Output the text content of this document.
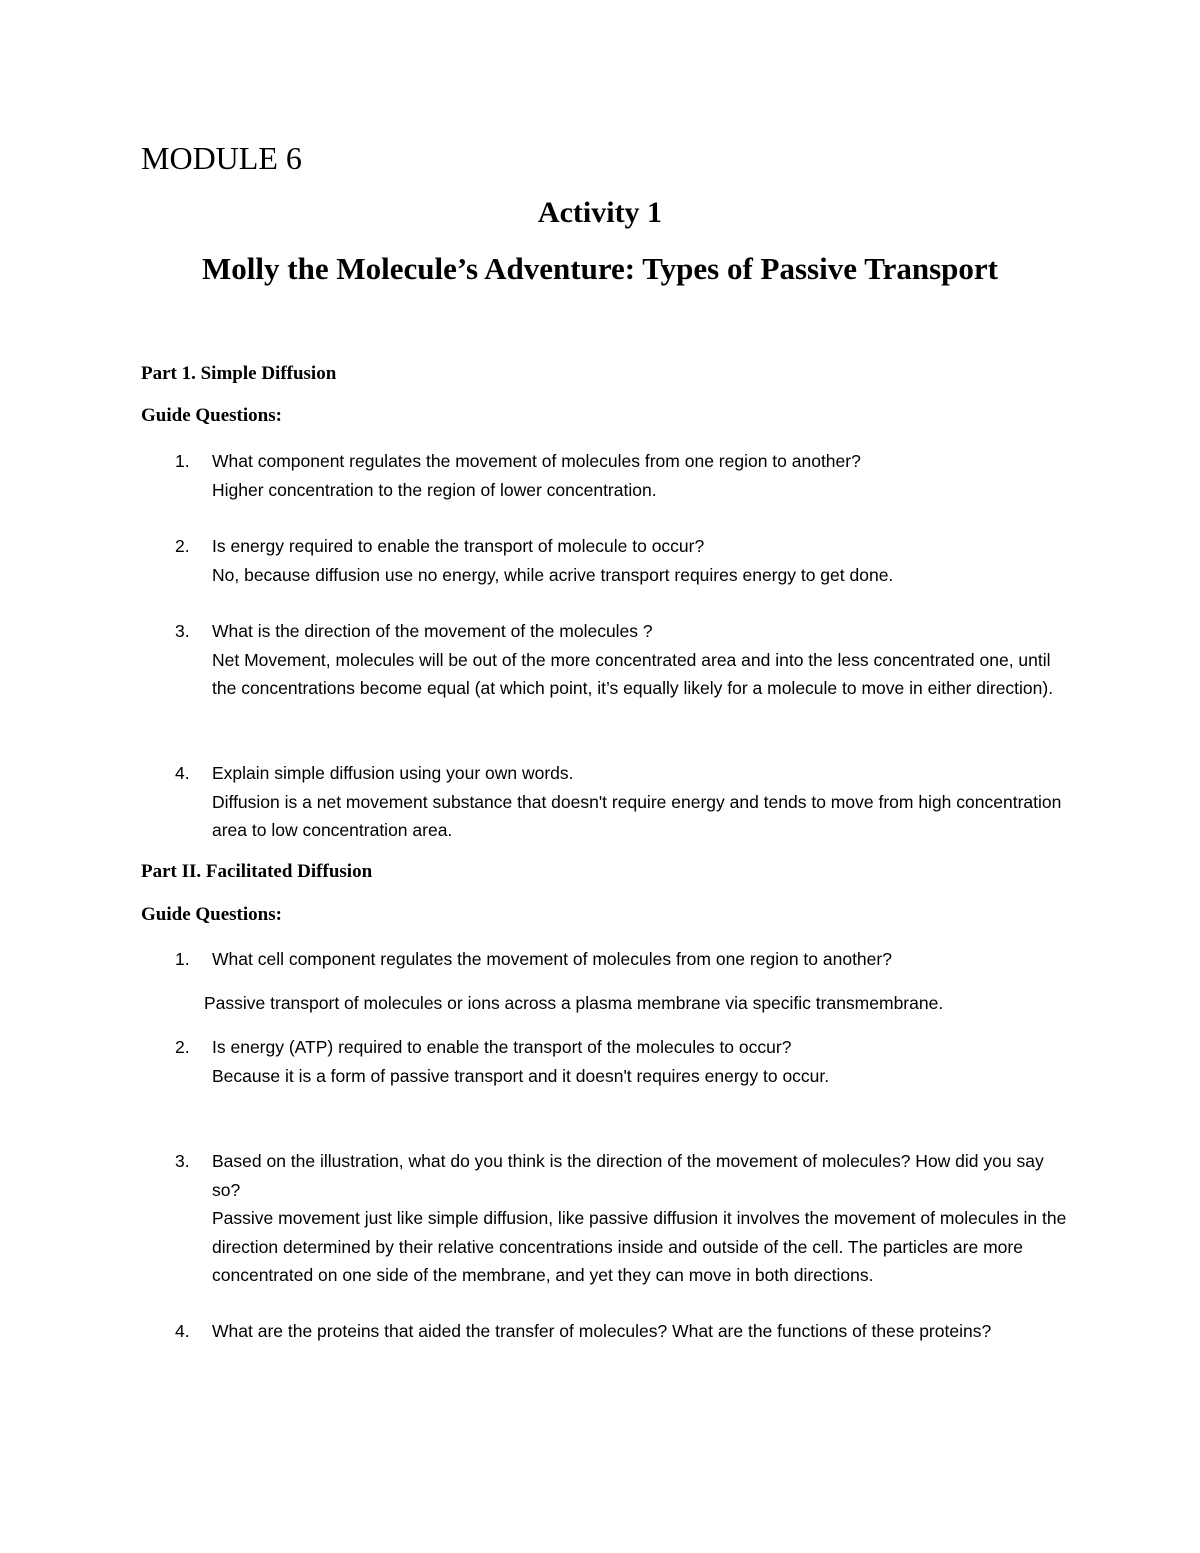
MODULE 6
Activity 1
Molly the Molecule’s Adventure: Types of Passive Transport
Part 1. Simple Diffusion
Guide Questions:
1. What component regulates the movement of molecules from one region to another?
Higher concentration to the region of lower concentration.
2. Is energy required to enable the transport of molecule to occur?
No, because diffusion use no energy, while acrive transport requires energy to get done.
3. What is the direction of the movement of the molecules ?
Net Movement, molecules will be out of the more concentrated area and into the less concentrated one, until the concentrations become equal (at which point, it’s equally likely for a molecule to move in either direction).
4. Explain simple diffusion using your own words.
Diffusion is a net movement substance that doesn't require energy and tends to move from high concentration area to low concentration area.
Part II. Facilitated Diffusion
Guide Questions:
1. What cell component regulates the movement of molecules from one region to another?
Passive transport of molecules or ions across a plasma membrane via specific transmembrane.
2. Is energy (ATP) required to enable the transport of the molecules to occur?
Because it is a form of passive transport and it doesn't requires energy to occur.
3. Based on the illustration, what do you think is the direction of the movement of molecules? How did you say so?
Passive movement just like simple diffusion, like passive diffusion it involves the movement of molecules in the direction determined by their relative concentrations inside and outside of the cell. The particles are more concentrated on one side of the membrane, and yet they can move in both directions.
4. What are the proteins that aided the transfer of molecules? What are the functions of these proteins?
